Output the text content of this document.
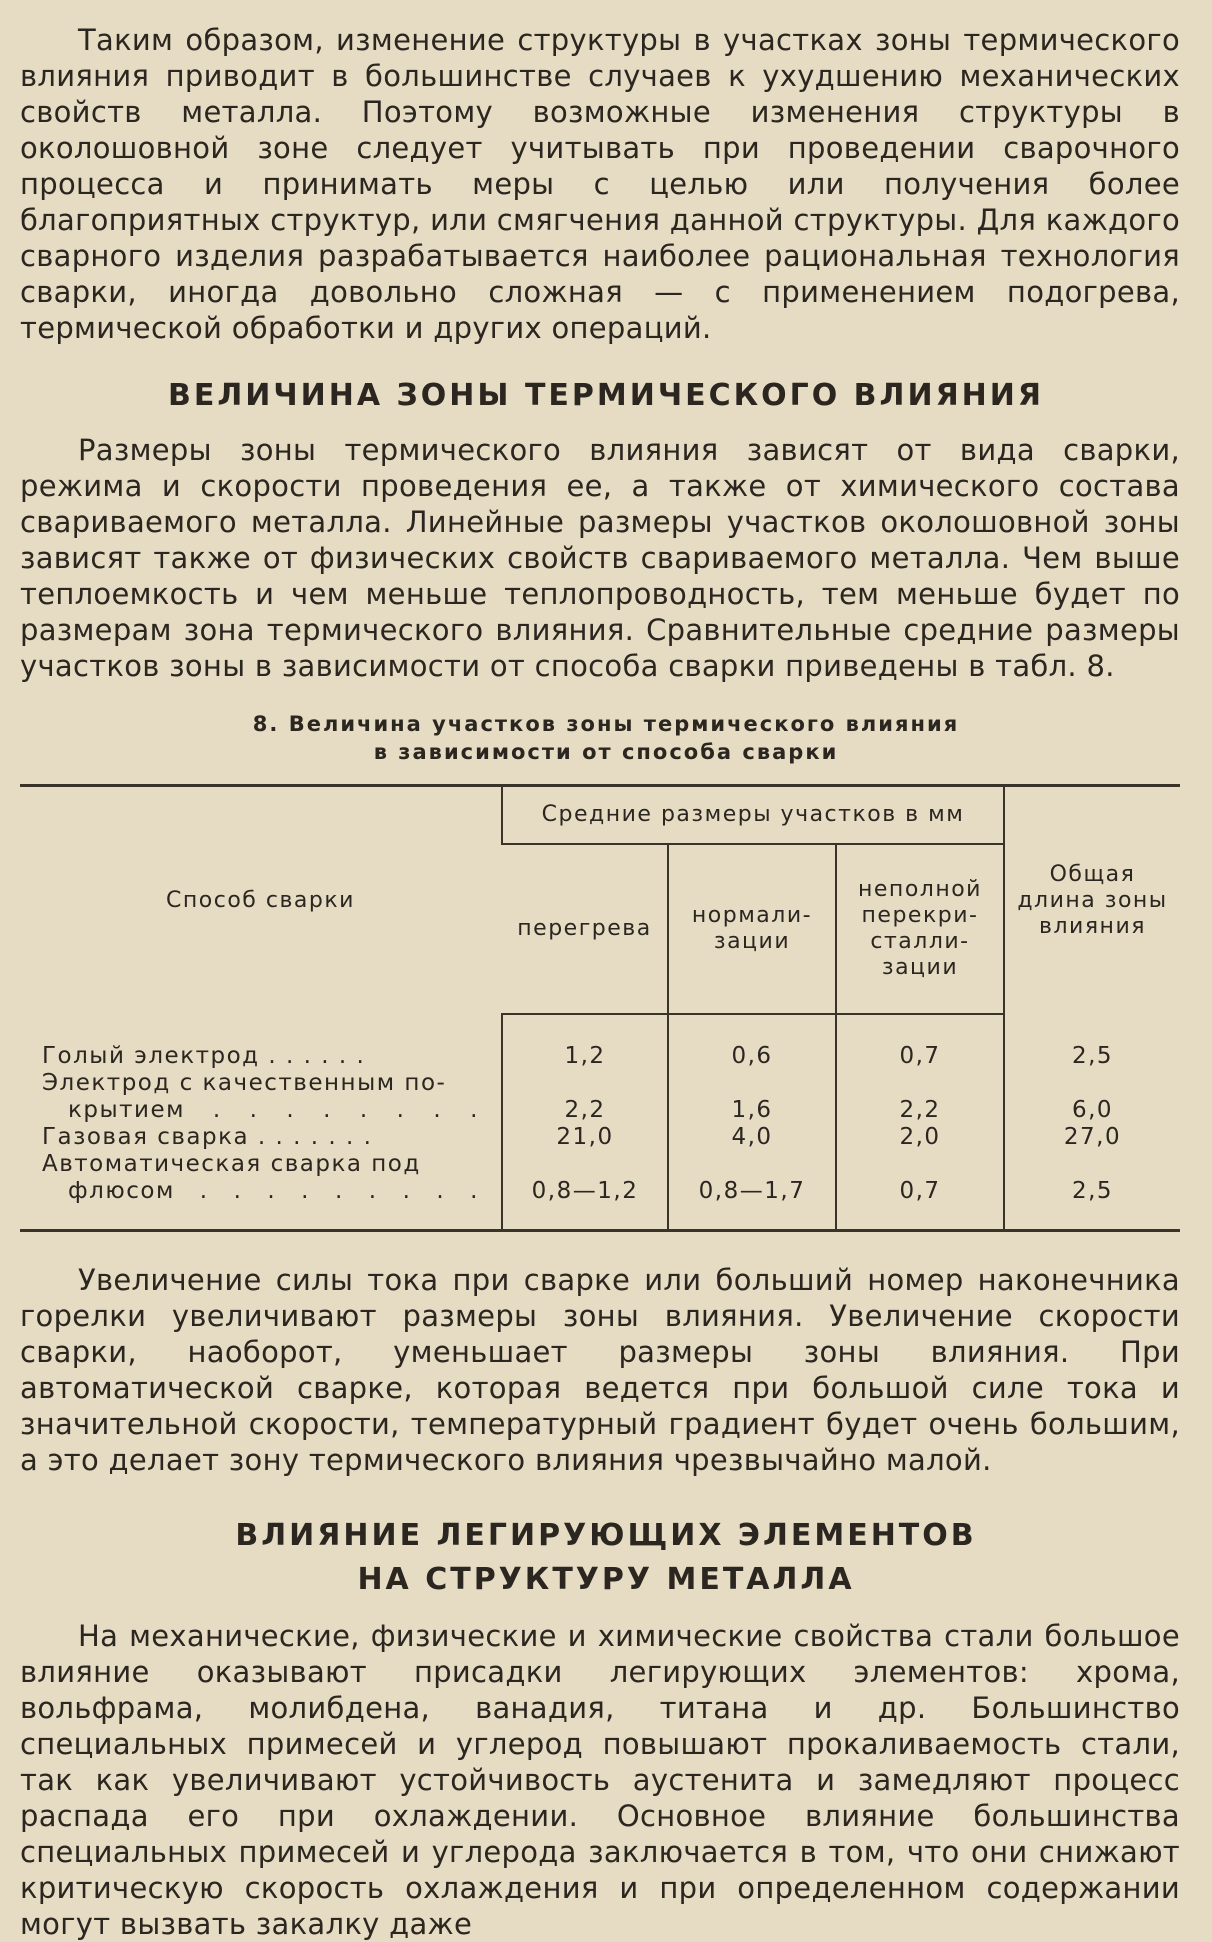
Таким образом, изменение структуры в участках зоны термического влияния приводит в большинстве случаев к ухудшению механических свойств металла. Поэтому возможные изменения структуры в околошовной зоне следует учитывать при проведении сварочного процесса и принимать меры с целью или получения более благоприятных структур, или смягчения данной структуры. Для каждого сварного изделия разрабатывается наиболее рациональная технология сварки, иногда довольно сложная — с применением подогрева, термической обработки и других операций.

ВЕЛИЧИНА ЗОНЫ ТЕРМИЧЕСКОГО ВЛИЯНИЯ

Размеры зоны термического влияния зависят от вида сварки, режима и скорости проведения ее, а также от химического состава свариваемого металла. Линейные размеры участков околошовной зоны зависят также от физических свойств свариваемого металла. Чем выше теплоемкость и чем меньше теплопроводность, тем меньше будет по размерам зона термического влияния. Сравнительные средние размеры участков зоны в зависимости от способа сварки приведены в табл. 8.

8. Величина участков зоны термического влияния
в зависимости от способа сварки
Способ сварки	Средние размеры участков в мм			Общая длина зоны влияния
	перегрева	нормали-зации	неполной перекри-сталли-зации	

Голый электрод . . . . . .	1,2	0,6	0,7	2,5

Электрод с качественным по-
крытием . . . . . . . .	2,2	1,6	2,2	6,0

Газовая сварка . . . . . . .	21,0	4,0	2,0	27,0

Автоматическая сварка под
флюсом . . . . . . . . .	0,8—1,2	0,8—1,7	0,7	2,5

Увеличение силы тока при сварке или больший номер наконечника горелки увеличивают размеры зоны влияния. Увеличение скорости сварки, наоборот, уменьшает размеры зоны влияния. При автоматической сварке, которая ведется при большой силе тока и значительной скорости, температурный градиент будет очень большим, а это делает зону термического влияния чрезвычайно малой.

ВЛИЯНИЕ ЛЕГИРУЮЩИХ ЭЛЕМЕНТОВ
НА СТРУКТУРУ МЕТАЛЛА

На механические, физические и химические свойства стали большое влияние оказывают присадки легирующих элементов: хрома, вольфрама, молибдена, ванадия, титана и др. Большинство специальных примесей и углерод повышают прокаливаемость стали, так как увеличивают устойчивость аустенита и замедляют процесс распада его при охлаждении. Основное влияние большинства специальных примесей и углерода заключается в том, что они снижают критическую скорость охлаждения и при определенном содержании могут вызвать закалку даже
